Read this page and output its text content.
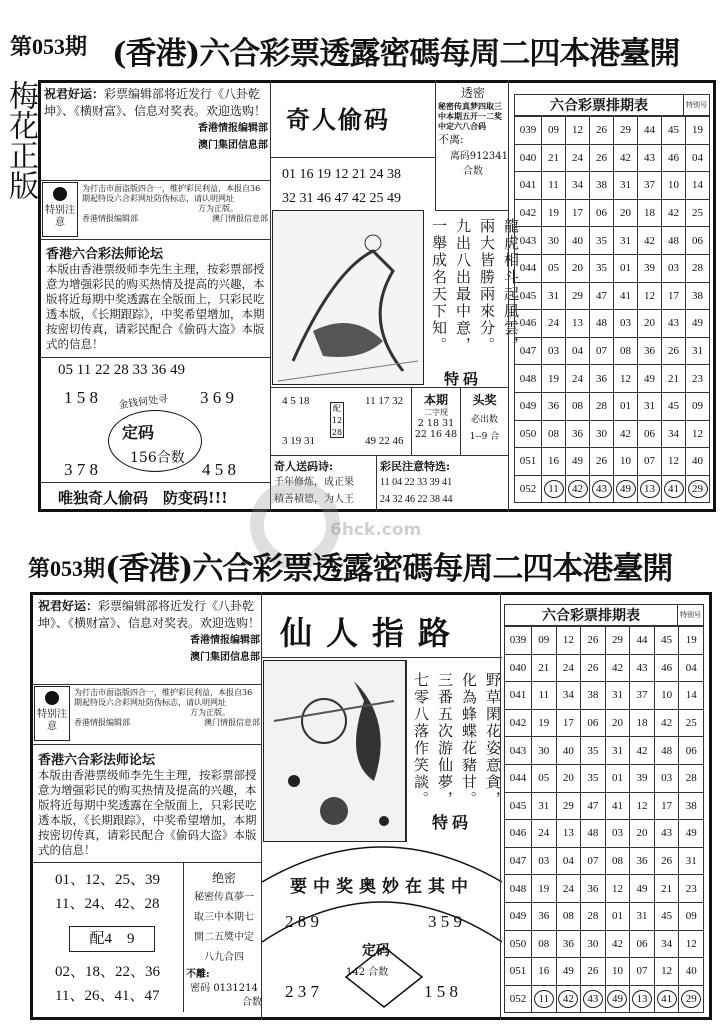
第053期 (香港)六合彩票透露密碼每周二四本港臺開
梅花正版 祝君好运：彩票编辑部将近发行《八卦乾坤》、《横财富》、信息对奖表。欢迎选购！
香港情报编辑部
澳门集团信息部
特别注意
为打击市面盗版四合一，维护彩民利益，本报自36期起特设六合彩网址防伪标志，请认明网址
方为正版。
香港情报编辑部	澳门情报信息部
香港六合彩法师论坛
本版由香港票级师李先生主理，按彩票部授意为增强彩民的购买热情及提高的兴趣，本版将近每期中奖透露在全版面上，只彩民吃透本版，《长期跟踪》，中奖希望增加，本期按密切传真，请彩民配合《偷码大盗》本版式的信息！
05 11 22 28 33 36 49
1 5 8	3 6 9
金钱何处寻
定码
156合数
3 7 8	4 5 8
唯独奇人偷码　防变码!!!
奇人偷码
01 16 19 12 21 24 38
32 31 46 47 42 25 49
龍虎相斗起風雲，
兩大皆勝兩來分。
九出八出最中意，
一舉成名天下知。
特码
透密
秘密传真梦四取三中本期五开一二奖中定六八合码
不离:
离码912341
合数
4 5 18
3 19 31
配12 28
11 17 32
49 22 46
本期
二字现
2 18 31
22 16 48
头奖
必出数
1--9 合
奇人送码诗:
千年修炼，成正果
積善積德，为人王
彩民注意特选:
11 04 22 33 39 41
24 32 46 22 38 44
六合彩票排期表	特别号
039	09	12	26	29	44	45	19
040	21	24	26	42	43	46	04
041	11	34	38	31	37	10	14
042	19	17	06	20	18	42	25
043	30	40	35	31	42	48	06
044	05	20	35	01	39	03	28
045	31	29	47	41	12	17	38
046	24	13	48	03	20	43	49
047	03	04	07	08	36	26	31
048	19	24	36	12	49	21	23
049	36	08	28	01	31	45	09
050	08	36	30	42	06	34	12
051	16	49	26	10	07	12	40
052	11	42	43	49	13	41	29
6hck.com
第053期 (香港)六合彩票透露密碼每周二四本港臺開
祝君好运：彩票编辑部将近发行《八卦乾坤》、《横财富》、信息对奖表。欢迎选购！
香港情报编辑部
澳门集团信息部
特别注意
为打击市面盗版四合一，维护彩民利益，本报自36期起特设六合彩网址防伪标志，请认明网址
方为正版。
香港情报编辑部	澳门情报信息部
香港六合彩法师论坛
本版由香港票级师李先生主理，按彩票部授意为增强彩民的购买热情及提高的兴趣，本版将近每期中奖透露在全版面上，只彩民吃透本版，《长期跟踪》，中奖希望增加，本期按密切传真，请彩民配合《偷码大盗》本版式的信息！
01、12、25、39
11、24、42、28
配4　9
02、18、22、36
11、26、41、47
绝密
秘密传真夢一
取三中本期七
開二五獎中定
八九合四
不離:
密码 0131214
合数
仙人指路
野草閑花姿意貪，
化為蜂蝶花豬甘。
三番五次游仙夢，
七零八落作笑談。
特码
要中奖奥妙在其中
2 8 9	3 5 9
定码
142 合数
2 3 7	1 5 8
六合彩票排期表	特别号
039	09	12	26	29	44	45	19
040	21	24	26	42	43	46	04
041	11	34	38	31	37	10	14
042	19	17	06	20	18	42	25
043	30	40	35	31	42	48	06
044	05	20	35	01	39	03	28
045	31	29	47	41	12	17	38
046	24	13	48	03	20	43	49
047	03	04	07	08	36	26	31
048	19	24	36	12	49	21	23
049	36	08	28	01	31	45	09
050	08	36	30	42	06	34	12
051	16	49	26	10	07	12	40
052	11	42	43	49	13	41	29
